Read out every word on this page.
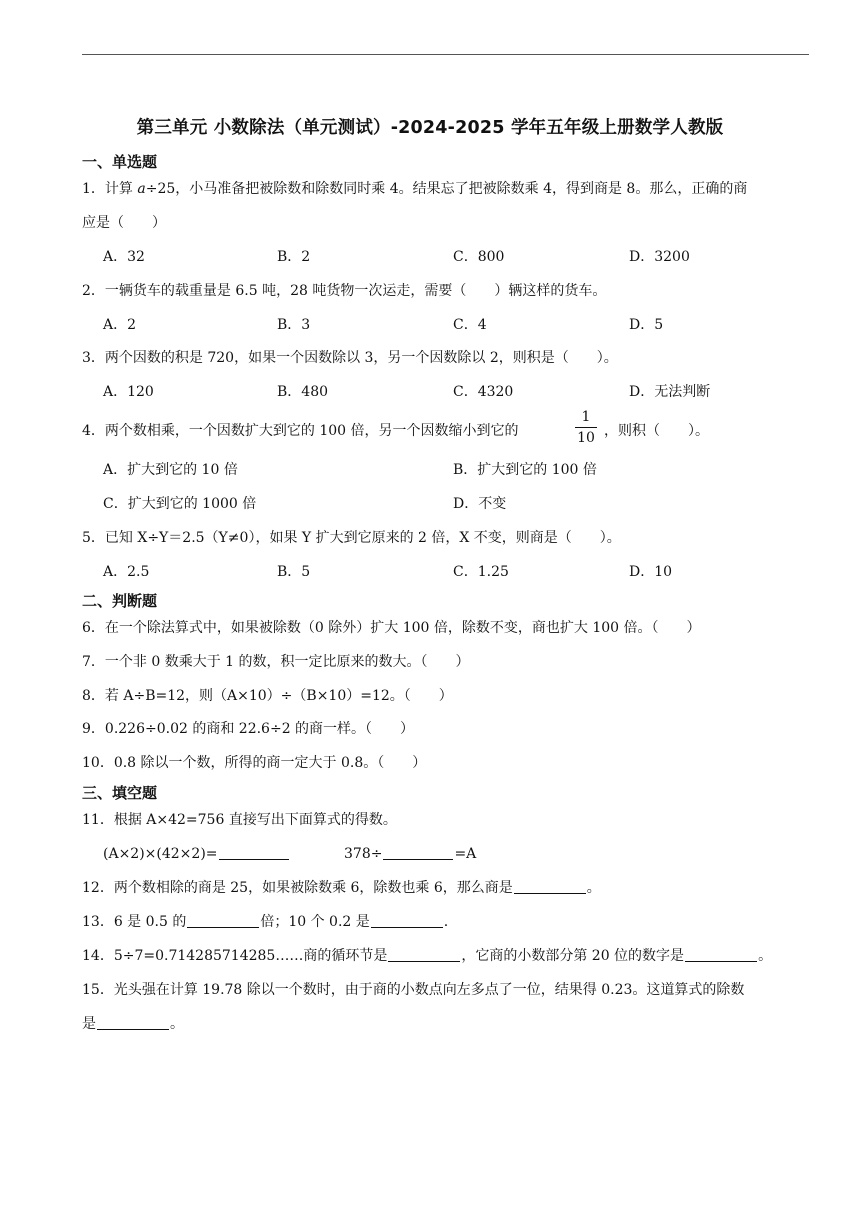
第三单元 小数除法（单元测试）-2024-2025 学年五年级上册数学人教版
一、单选题
1．计算 a÷25，小马准备把被除数和除数同时乘 4。结果忘了把被除数乘 4，得到商是 8。那么，正确的商
应是（　　）
A．32	B．2	C．800	D．3200
2．一辆货车的载重量是 6.5 吨，28 吨货物一次运走，需要（　　）辆这样的货车。
A．2	B．3	C．4	D．5
3．两个因数的积是 720，如果一个因数除以 3，另一个因数除以 2，则积是（　　）。
A．120	B．480	C．4320	D．无法判断
4．两个数相乘，一个因数扩大到它的 100 倍，另一个因数缩小到它的	$\frac{1}{10}$ ，则积（　　）。
A．扩大到它的 10 倍	B．扩大到它的 100 倍
C．扩大到它的 1000 倍	D．不变
5．已知 X÷Y＝2.5（Y≠0），如果 Y 扩大到它原来的 2 倍，X 不变，则商是（　　）。
A．2.5	B．5	C．1.25	D．10
二、判断题
6．在一个除法算式中，如果被除数（0 除外）扩大 100 倍，除数不变，商也扩大 100 倍。（　　）
7．一个非 0 数乘大于 1 的数，积一定比原来的数大。（　　）
8．若 A÷B=12，则（A×10）÷（B×10）=12。（　　）
9．0.226÷0.02 的商和 22.6÷2 的商一样。（　　）
10．0.8 除以一个数，所得的商一定大于 0.8。（　　）
三、填空题
11．根据 A×42=756 直接写出下面算式的得数。
(A×2)×(42×2)=	378÷	=A
12．两个数相除的商是 25，如果被除数乘 6，除数也乘 6，那么商是	。
13．6 是 0.5 的	倍；10 个 0.2 是	.
14．5÷7=0.714285714285……商的循环节是	，它商的小数部分第 20 位的数字是	。
15．光头强在计算 19.78 除以一个数时，由于商的小数点向左多点了一位，结果得 0.23。这道算式的除数
是	。
